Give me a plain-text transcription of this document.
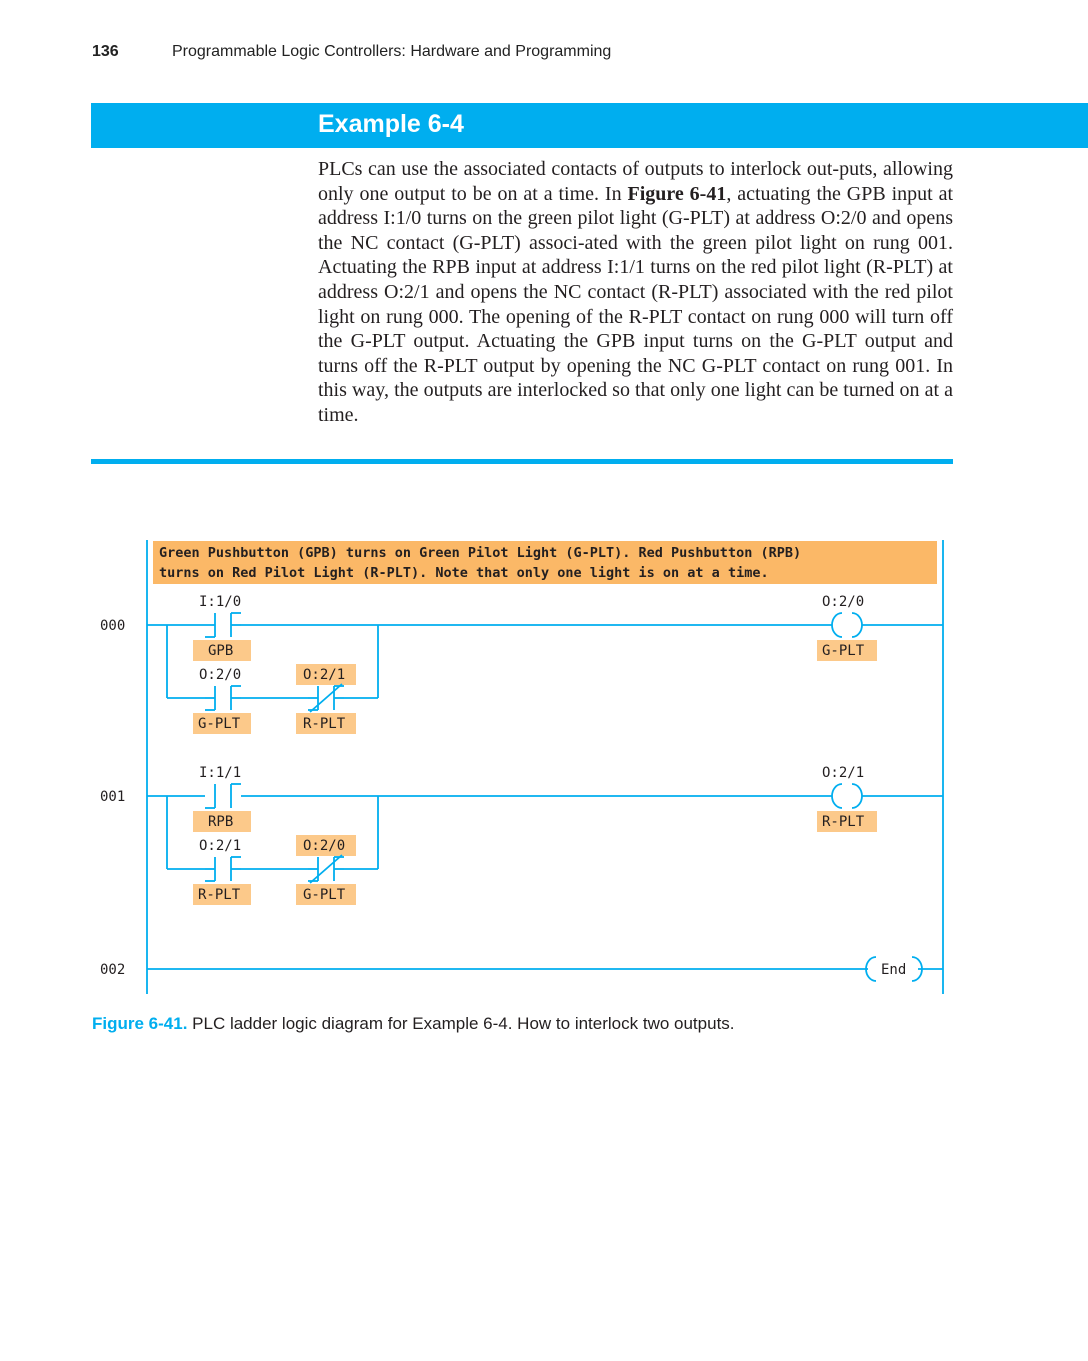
136	Programmable Logic Controllers: Hardware and Programming
Example 6-4

PLCs can use the associated contacts of outputs to interlock out-puts, allowing only one output to be on at a time. In Figure 6-41, actuating the GPB input at address I:1/0 turns on the green pilot light (G-PLT) at address O:2/0 and opens the NC contact (G-PLT) associ-ated with the green pilot light on rung 001. Actuating the RPB input at address I:1/1 turns on the red pilot light (R-PLT) at address O:2/1 and opens the NC contact (R-PLT) associated with the red pilot light on rung 000. The opening of the R-PLT contact on rung 000 will turn off the G-PLT output. Actuating the GPB input turns on the G-PLT output and turns off the R-PLT output by opening the NC G-PLT contact on rung 001. In this way, the outputs are interlocked so that only one light can be turned on at a time.

Green Pushbutton (GPB) turns on Green Pilot Light (G-PLT). Red Pushbutton (RPB)
turns on Red Pilot Light (R-PLT). Note that only one light is on at a time.
000
I:1/0	O:2/0
GPB
O:2/0	O:2/1
G-PLT	R-PLT
G-PLT
001
I:1/1	O:2/1
RPB
O:2/1	O:2/0
R-PLT	G-PLT
R-PLT
002	End
Figure 6-41. PLC ladder logic diagram for Example 6-4. How to interlock two outputs.
